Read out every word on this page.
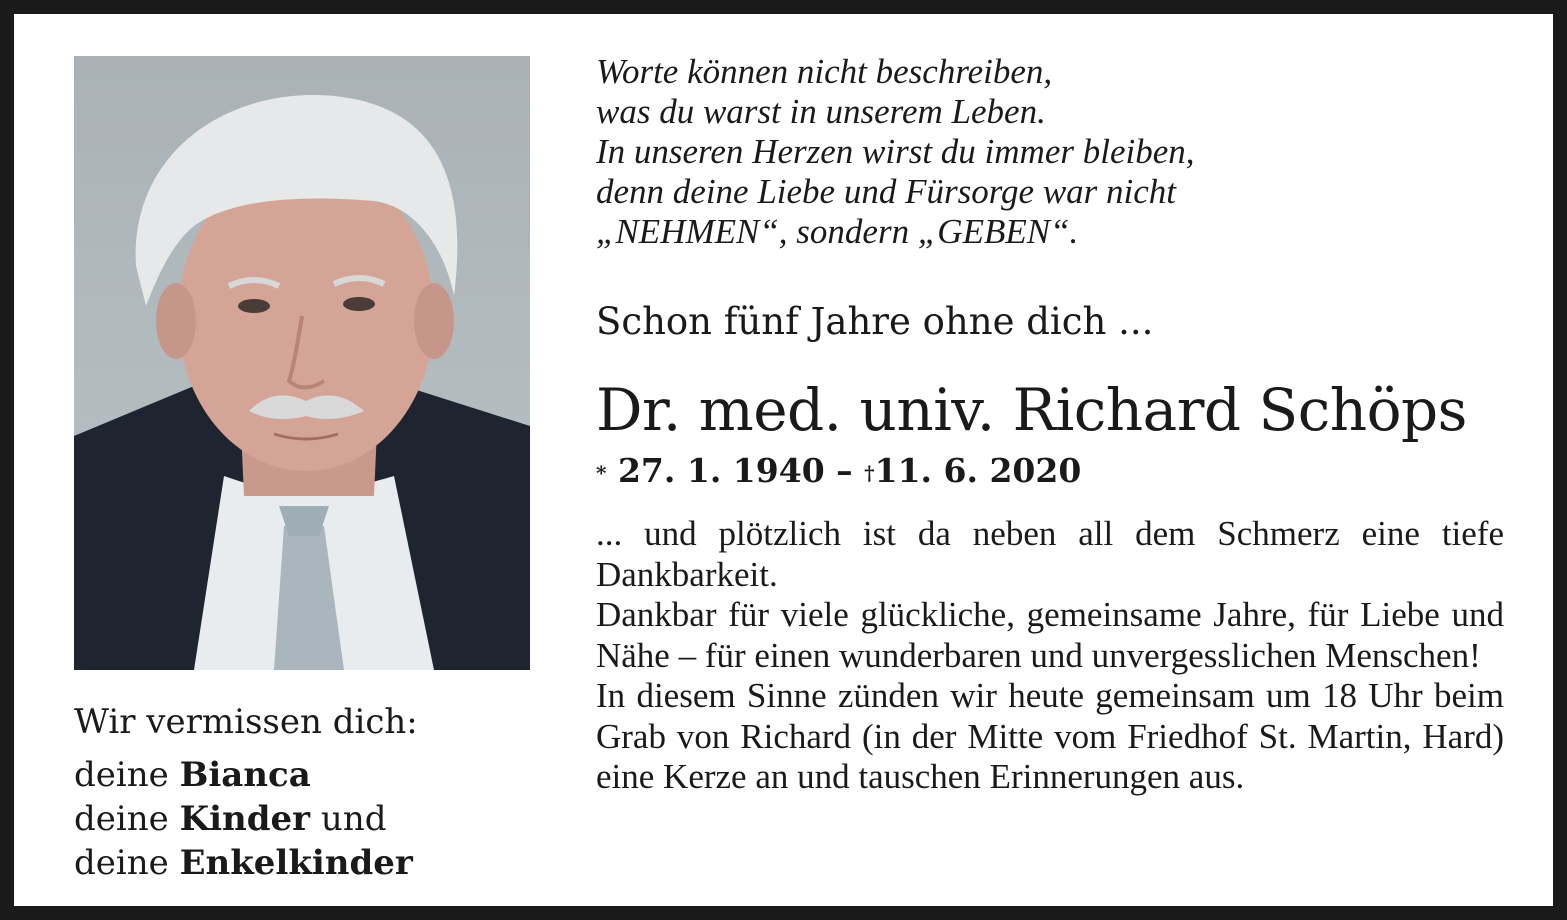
Wir vermissen dich:
deine Bianca
deine Kinder und
deine Enkelkinder
Worte können nicht beschreiben,
was du warst in unserem Leben.
In unseren Herzen wirst du immer bleiben,
denn deine Liebe und Fürsorge war nicht
„NEHMEN“, sondern „GEBEN“.
Schon fünf Jahre ohne dich ...
Dr. med. univ. Richard Schöps
* 27. 1. 1940 – †11. 6. 2020

... und plötzlich ist da neben all dem Schmerz eine tiefe Dankbarkeit.

Dankbar für viele glückliche, gemeinsame Jahre, für Liebe und Nähe – für einen wunderbaren und unvergesslichen Menschen!

In diesem Sinne zünden wir heute gemeinsam um 18 Uhr beim Grab von Richard (in der Mitte vom Friedhof St. Martin, Hard) eine Kerze an und tauschen Erinnerungen aus.
